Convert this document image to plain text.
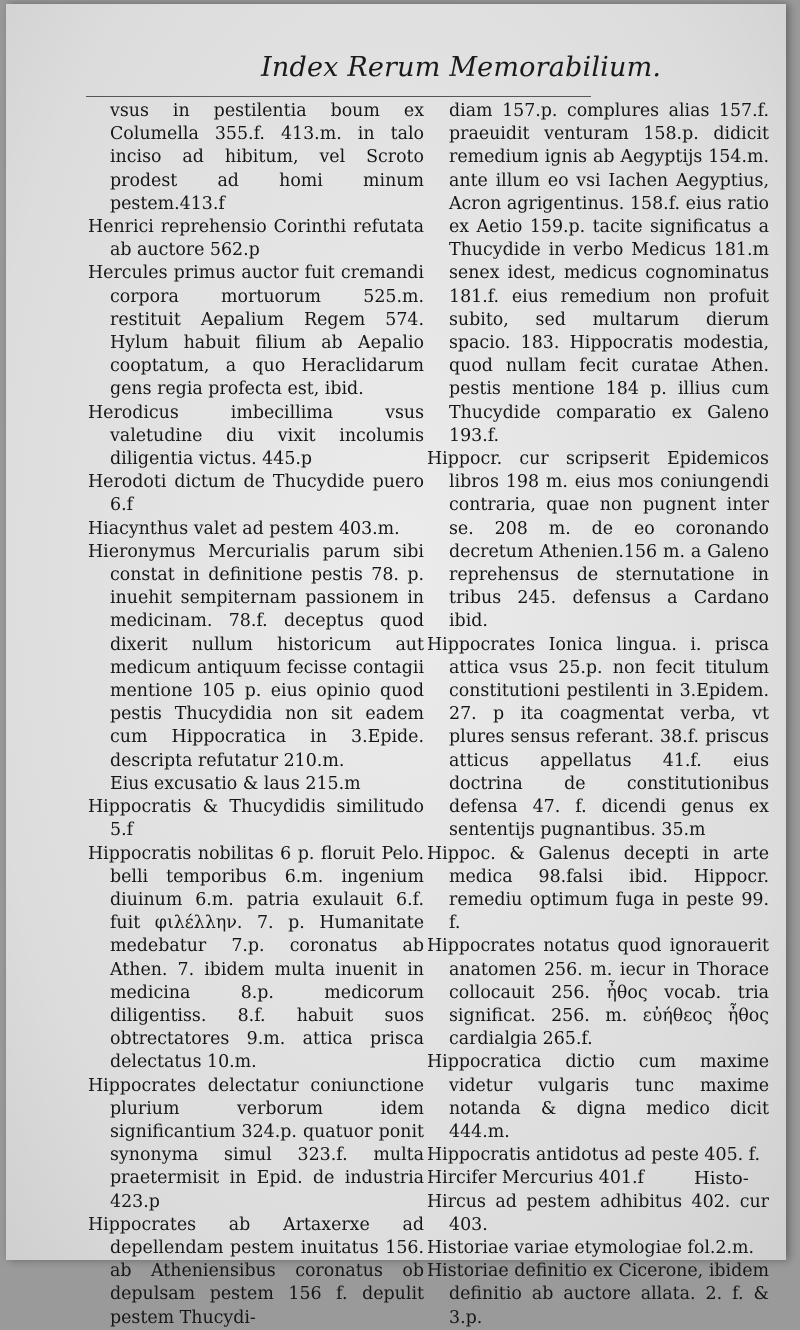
Index Rerum Memorabilium.
vsus in pestilentia boum ex Columella 355.f. 413.m. in talo inciso ad hibitum, vel Scroto prodest ad homi minum pestem.413.f
Henrici reprehensio Corinthi refutata ab auctore 562.p
Hercules primus auctor fuit cremandi corpora mortuorum 525.m. restituit Aepalium Regem 574. Hylum habuit filium ab Aepalio cooptatum, a quo Heraclidarum gens regia profecta est, ibid.
Herodicus imbecillima vsus valetudine diu vixit incolumis diligentia victus. 445.p
Herodoti dictum de Thucydide puero 6.f
Hiacynthus valet ad pestem 403.m.
Hieronymus Mercurialis parum sibi constat in definitione pestis 78. p. inuehit sempiternam passionem in medicinam. 78.f. deceptus quod dixerit nullum historicum aut medicum antiquum fecisse contagii mentione 105 p. eius opinio quod pestis Thucydidia non sit eadem cum Hippocratica in 3.Epide. descripta refutatur 210.m.
Eius excusatio & laus 215.m
Hippocratis & Thucydidis similitudo 5.f
Hippocratis nobilitas 6 p. floruit Pelo. belli temporibus 6.m. ingenium diuinum 6.m. patria exulauit 6.f. fuit φιλέλλην. 7. p. Humanitate medebatur 7.p. coronatus ab Athen. 7. ibidem multa inuenit in medicina 8.p. medicorum diligentiss. 8.f. habuit suos obtrectatores 9.m. attica prisca delectatus 10.m.
Hippocrates delectatur coniunctione plurium verborum idem significantium 324.p. quatuor ponit synonyma simul 323.f. multa praetermisit in Epid. de industria 423.p
Hippocrates ab Artaxerxe ad depellendam pestem inuitatus 156. ab Atheniensibus coronatus ob depulsam pestem 156 f. depulit pestem Thucydi-
diam 157.p. complures alias 157.f. praeuidit venturam 158.p. didicit remedium ignis ab Aegyptijs 154.m. ante illum eo vsi Iachen Aegyptius, Acron agrigentinus. 158.f. eius ratio ex Aetio 159.p. tacite significatus a Thucydide in verbo Medicus 181.m senex idest, medicus cognominatus 181.f. eius remedium non profuit subito, sed multarum dierum spacio. 183. Hippocratis modestia, quod nullam fecit curatae Athen. pestis mentione 184 p. illius cum Thucydide comparatio ex Galeno 193.f.
Hippocr. cur scripserit Epidemicos libros 198 m. eius mos coniungendi contraria, quae non pugnent inter se. 208 m. de eo coronando decretum Athenien.156 m. a Galeno reprehensus de sternutatione in tribus 245. defensus a Cardano ibid.
Hippocrates Ionica lingua. i. prisca attica vsus 25.p. non fecit titulum constitutioni pestilenti in 3.Epidem. 27. p ita coagmentat verba, vt plures sensus referant. 38.f. priscus atticus appellatus 41.f. eius doctrina de constitutionibus defensa 47. f. dicendi genus ex sententijs pugnantibus. 35.m
Hippoc. & Galenus decepti in arte medica 98.falsi ibid. Hippocr. remediu optimum fuga in peste 99. f.
Hippocrates notatus quod ignorauerit anatomen 256. m. iecur in Thorace collocauit 256. ἦθος vocab. tria significat. 256. m. εὐήθεος ἦθος cardialgia 265.f.
Hippocratica dictio cum maxime videtur vulgaris tunc maxime notanda & digna medico dicit 444.m.
Hippocratis antidotus ad peste 405. f.
Hircifer Mercurius 401.f
Hircus ad pestem adhibitus 402. cur 403.
Historiae variae etymologiae fol.2.m.
Historiae definitio ex Cicerone, ibidem definitio ab auctore allata. 2. f. & 3.p.
Histo-
